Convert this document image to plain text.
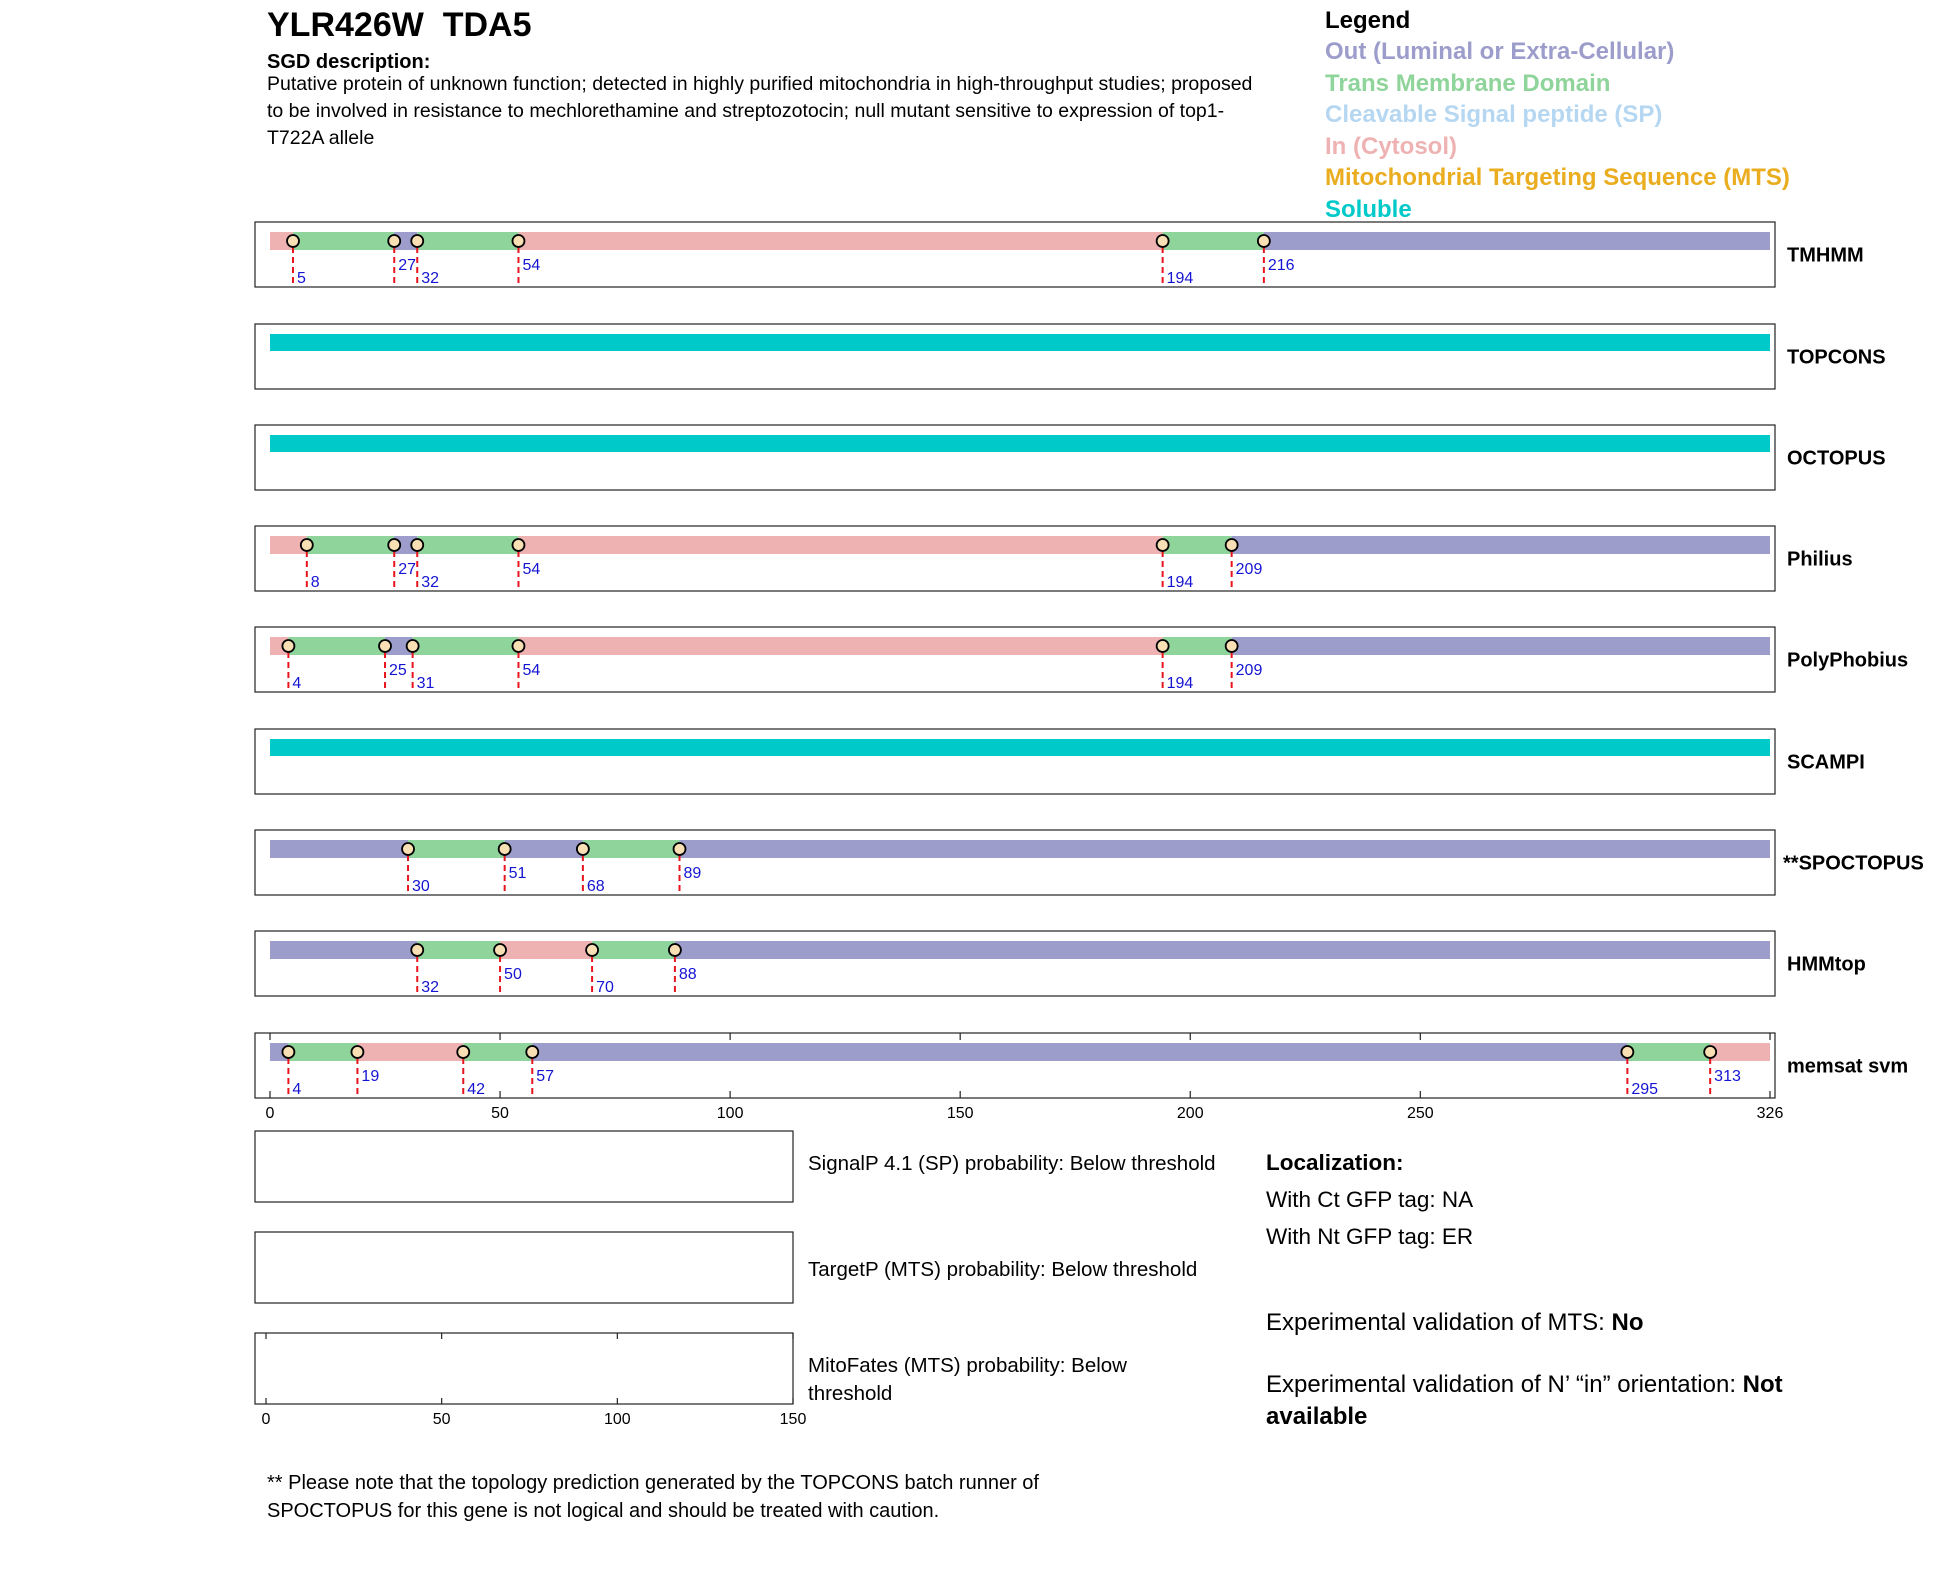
5
27
32
54
194
216	TMHMM
TOPCONS
OCTOPUS
8
27
32
54
194
209	Philius
4
25
31
54
194
209	PolyPhobius
SCAMPI
30
51
68
89	**SPOCTOPUS
32
50
70
88	HMMtop
4
19
42
57
295
313 memsat svm
0	50	100	150	200	250	326
0	50	100	150
YLR426W  TDA5
SGD description:
Putative protein of unknown function; detected in highly purified mitochondria in high-throughput studies; proposed to be involved in resistance to mechlorethamine and streptozotocin; null mutant sensitive to expression of top1-T722A allele
Legend
Out (Luminal or Extra-Cellular)
Trans Membrane Domain
Cleavable Signal peptide (SP)
In (Cytosol)
Mitochondrial Targeting Sequence (MTS)
Soluble
SignalP 4.1 (SP) probability: Below threshold
TargetP (MTS) probability: Below threshold
MitoFates (MTS) probability: Below threshold
Localization:
With Ct GFP tag: NA
With Nt GFP tag: ER
Experimental validation of MTS: No
Experimental validation of N’ “in” orientation: Not available
** Please note that the topology prediction generated by the TOPCONS batch runner of SPOCTOPUS for this gene is not logical and should be treated with caution.
